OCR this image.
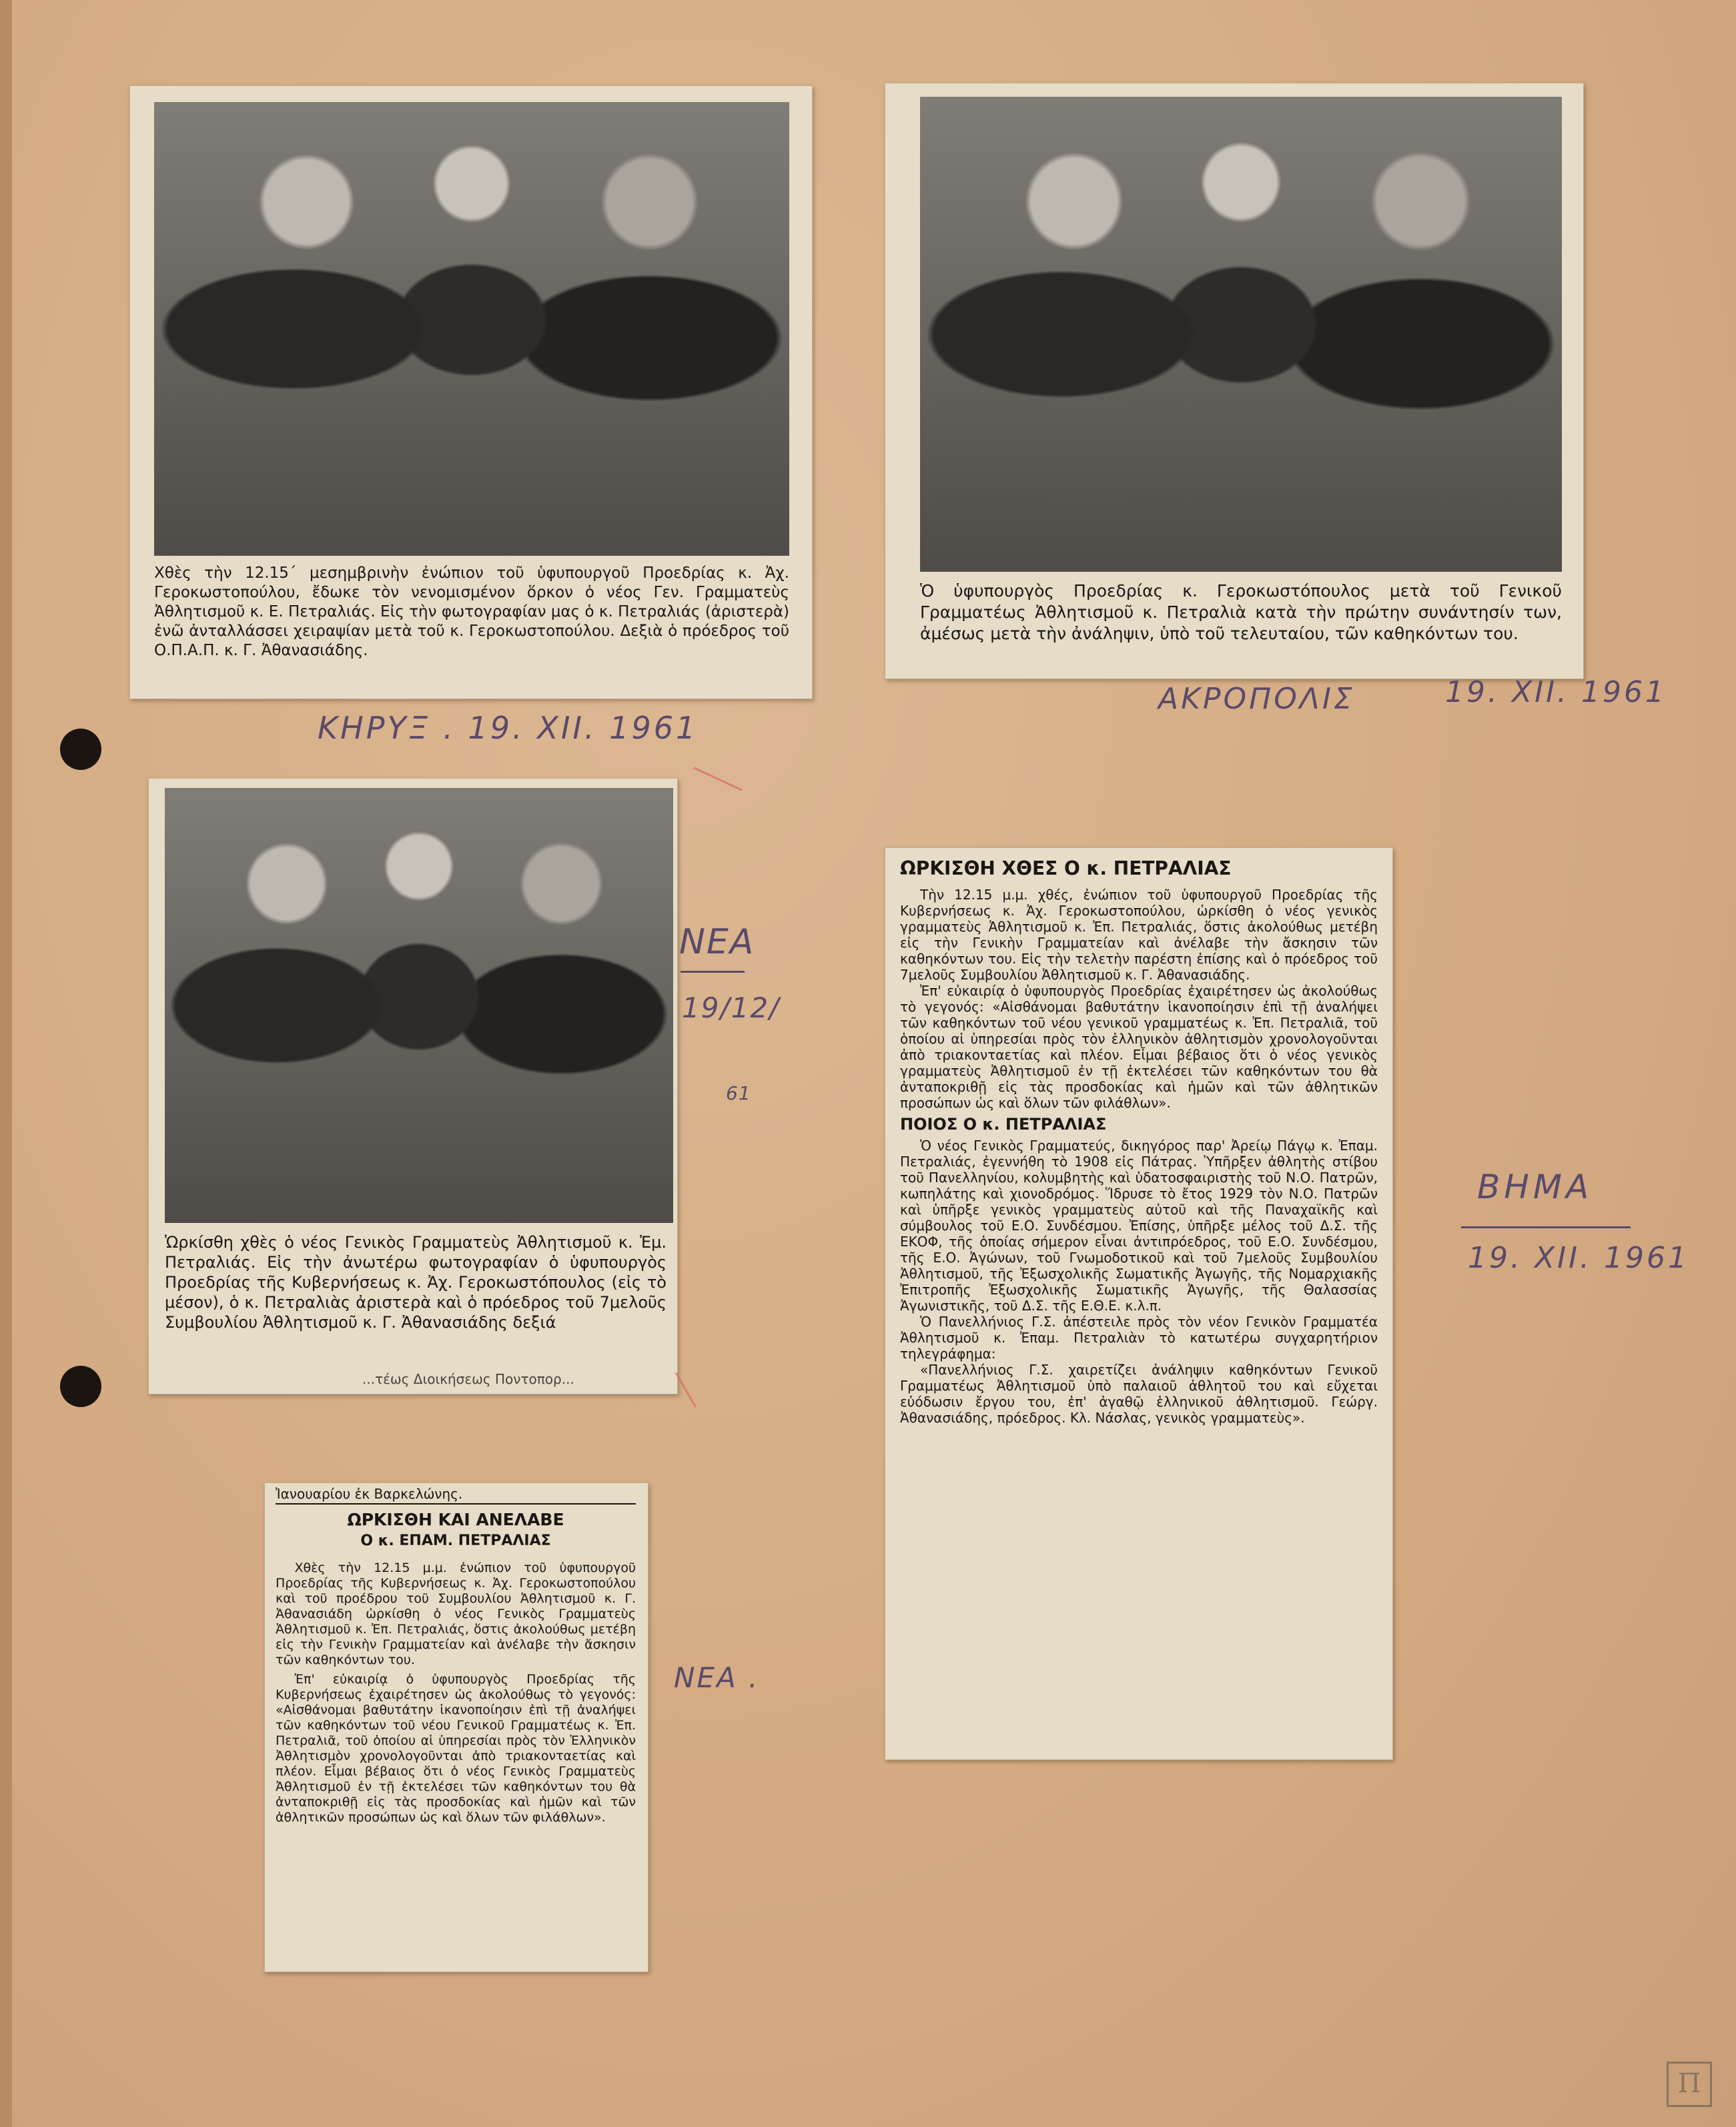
Χθὲς τὴν 12.15΄ μεσημβρινὴν ἐνώπιον τοῦ ὑφυπουργοῦ Προεδρίας κ. Ἀχ. Γεροκωστοπούλου, ἔδωκε τὸν νενομισμένον ὅρκον ὁ νέος Γεν. Γραμματεὺς Ἀθλητισμοῦ κ. Ε. Πετραλιάς. Εἰς τὴν φωτογραφίαν μας ὁ κ. Πετραλιάς (ἀριστερὰ) ἐνῶ ἀνταλλάσσει χειραψίαν μετὰ τοῦ κ. Γεροκωστοπούλου. Δεξιὰ ὁ πρόεδρος τοῦ Ο.Π.Α.Π. κ. Γ. Ἀθανασιάδης.
ΚΗΡΥΞ . 19. XII. 1961
Ὁ ὑφυπουργὸς Προεδρίας κ. Γεροκωστόπουλος μετὰ τοῦ Γενικοῦ Γραμματέως Ἀθλητισμοῦ κ. Πετραλιὰ κατὰ τὴν πρώτην συνάντησίν των, ἀμέσως μετὰ τὴν ἀνάληψιν, ὑπὸ τοῦ τελευταίου, τῶν καθηκόντων του.
ΑΚΡΟΠΟΛΙΣ	19. XII. 1961
Ὡρκίσθη χθὲς ὁ νέος Γενικὸς Γραμματεὺς Ἀθλητισμοῦ κ. Ἐμ. Πετραλιάς. Εἰς τὴν ἀνωτέρω φωτογραφίαν ὁ ὑφυπουργὸς Προεδρίας τῆς Κυβερνήσεως κ. Ἀχ. Γεροκωστόπουλος (εἰς τὸ μέσον), ὁ κ. Πετραλιὰς ἀριστερὰ καὶ ὁ πρόεδρος τοῦ 7μελοῦς Συμβουλίου Ἀθλητισμοῦ κ. Γ. Ἀθανασιάδης δεξιά
...τέως Διοικήσεως Ποντοπορ...
ΝΕΑ
19/12/
61
ΩΡΚΙΣΘΗ ΧΘΕΣ Ο κ. ΠΕΤΡΑΛΙΑΣ

Τὴν 12.15 μ.μ. χθές, ἐνώπιον τοῦ ὑφυπουργοῦ Προεδρίας τῆς Κυβερνήσεως κ. Ἀχ. Γεροκωστοπούλου, ὡρκίσθη ὁ νέος γενικὸς γραμματεὺς Ἀθλητισμοῦ κ. Ἐπ. Πετραλιάς, ὅστις ἀκολούθως μετέβη εἰς τὴν Γενικὴν Γραμματείαν καὶ ἀνέλαβε τὴν ἄσκησιν τῶν καθηκόντων του. Εἰς τὴν τελετὴν παρέστη ἐπίσης καὶ ὁ πρόεδρος τοῦ 7μελοῦς Συμβουλίου Ἀθλητισμοῦ κ. Γ. Ἀθανασιάδης.

Ἐπ' εὐκαιρίᾳ ὁ ὑφυπουργὸς Προεδρίας ἐχαιρέτησεν ὡς ἀκολούθως τὸ γεγονός: «Αἰσθάνομαι βαθυτάτην ἱκανοποίησιν ἐπὶ τῇ ἀναλήψει τῶν καθηκόντων τοῦ νέου γενικοῦ γραμματέως κ. Ἐπ. Πετραλιᾶ, τοῦ ὁποίου αἱ ὑπηρεσίαι πρὸς τὸν ἑλληνικὸν ἀθλητισμὸν χρονολογοῦνται ἀπὸ τριακονταετίας καὶ πλέον. Εἶμαι βέβαιος ὅτι ὁ νέος γενικὸς γραμματεὺς Ἀθλητισμοῦ ἐν τῇ ἐκτελέσει τῶν καθηκόντων του θὰ ἀνταποκριθῇ εἰς τὰς προσδοκίας καὶ ἡμῶν καὶ τῶν ἀθλητικῶν προσώπων ὡς καὶ ὅλων τῶν φιλάθλων».

ΠΟΙΟΣ Ο κ. ΠΕΤΡΑΛΙΑΣ

Ὁ νέος Γενικὸς Γραμματεύς, δικηγόρος παρ' Ἀρείῳ Πάγῳ κ. Ἐπαμ. Πετραλιάς, ἐγεννήθη τὸ 1908 εἰς Πάτρας. Ὑπῆρξεν ἀθλητὴς στίβου τοῦ Πανελληνίου, κολυμβητὴς καὶ ὑδατοσφαιριστὴς τοῦ Ν.Ο. Πατρῶν, κωπηλάτης καὶ χιονοδρόμος. Ἵδρυσε τὸ ἔτος 1929 τὸν Ν.Ο. Πατρῶν καὶ ὑπῆρξε γενικὸς γραμματεὺς αὐτοῦ καὶ τῆς Παναχαϊκῆς καὶ σύμβουλος τοῦ Ε.Ο. Συνδέσμου. Ἐπίσης, ὑπῆρξε μέλος τοῦ Δ.Σ. τῆς ΕΚΟΦ, τῆς ὁποίας σήμερον εἶναι ἀντιπρόεδρος, τοῦ Ε.Ο. Συνδέσμου, τῆς Ε.Ο. Ἀγώνων, τοῦ Γνωμοδοτικοῦ καὶ τοῦ 7μελοῦς Συμβουλίου Ἀθλητισμοῦ, τῆς Ἐξωσχολικῆς Σωματικῆς Ἀγωγῆς, τῆς Νομαρχιακῆς Ἐπιτροπῆς Ἐξωσχολικῆς Σωματικῆς Ἀγωγῆς, τῆς Θαλασσίας Ἀγωνιστικῆς, τοῦ Δ.Σ. τῆς Ε.Θ.Ε. κ.λ.π.

Ὁ Πανελλήνιος Γ.Σ. ἀπέστειλε πρὸς τὸν νέον Γενικὸν Γραμματέα Ἀθλητισμοῦ κ. Ἐπαμ. Πετραλιὰν τὸ κατωτέρω συγχαρητήριον τηλεγράφημα:

«Πανελλήνιος Γ.Σ. χαιρετίζει ἀνάληψιν καθηκόντων Γενικοῦ Γραμματέως Ἀθλητισμοῦ ὑπὸ παλαιοῦ ἀθλητοῦ του καὶ εὔχεται εὐόδωσιν ἔργου του, ἐπ' ἀγαθῷ ἑλληνικοῦ ἀθλητισμοῦ. Γεώργ. Ἀθανασιάδης, πρόεδρος. Κλ. Νάσλας, γενικὸς γραμματεὺς».

ΒΗΜΑ
19. XII. 1961
Ἰανουαρίου ἐκ Βαρκελώνης.
ΩΡΚΙΣΘΗ ΚΑΙ ΑΝΕΛΑΒΕ
Ο κ. ΕΠΑΜ. ΠΕΤΡΑΛΙΑΣ

Χθὲς τὴν 12.15 μ.μ. ἐνώπιον τοῦ ὑφυπουργοῦ Προεδρίας τῆς Κυβερνήσεως κ. Ἀχ. Γεροκωστοπούλου καὶ τοῦ προέδρου τοῦ Συμβουλίου Ἀθλητισμοῦ κ. Γ. Ἀθανασιάδη ὡρκίσθη ὁ νέος Γενικὸς Γραμματεὺς Ἀθλητισμοῦ κ. Ἐπ. Πετραλιάς, ὅστις ἀκολούθως μετέβη εἰς τὴν Γενικὴν Γραμματείαν καὶ ἀνέλαβε τὴν ἄσκησιν τῶν καθηκόντων του.

Ἐπ' εὐκαιρίᾳ ὁ ὑφυπουργὸς Προεδρίας τῆς Κυβερνήσεως ἐχαιρέτησεν ὡς ἀκολούθως τὸ γεγονός: «Αἰσθάνομαι βαθυτάτην ἱκανοποίησιν ἐπὶ τῇ ἀναλήψει τῶν καθηκόντων τοῦ νέου Γενικοῦ Γραμματέως κ. Ἐπ. Πετραλιᾶ, τοῦ ὁποίου αἱ ὑπηρεσίαι πρὸς τὸν Ἑλληνικὸν Ἀθλητισμὸν χρονολογοῦνται ἀπὸ τριακονταετίας καὶ πλέον. Εἶμαι βέβαιος ὅτι ὁ νέος Γενικὸς Γραμματεὺς Ἀθλητισμοῦ ἐν τῇ ἐκτελέσει τῶν καθηκόντων του θὰ ἀνταποκριθῇ εἰς τὰς προσδοκίας καὶ ἡμῶν καὶ τῶν ἀθλητικῶν προσώπων ὡς καὶ ὅλων τῶν φιλάθλων».

ΝΕΑ .
Π
